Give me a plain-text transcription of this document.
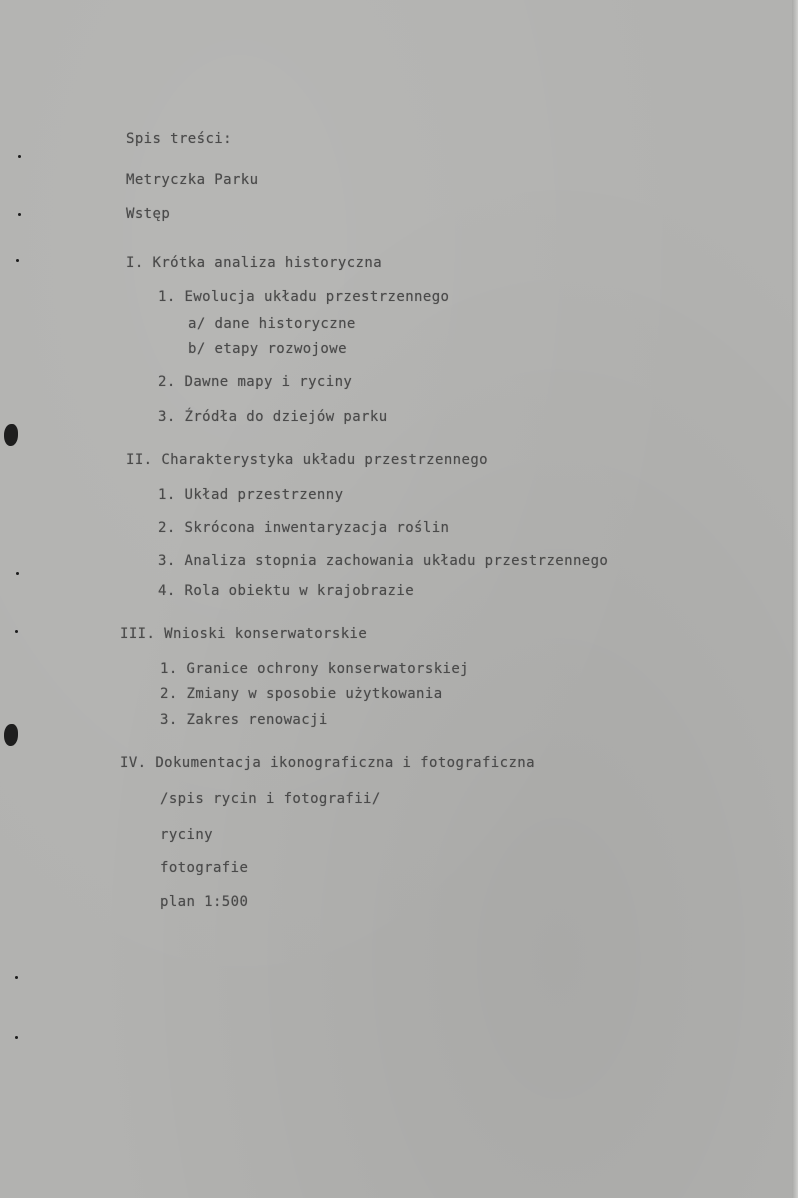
Spis treści:
Metryczka Parku
Wstęp
I. Krótka analiza historyczna
1. Ewolucja układu przestrzennego
a/ dane historyczne
b/ etapy rozwojowe
2. Dawne mapy i ryciny
3. Źródła do dziejów parku
II. Charakterystyka układu przestrzennego
1. Układ przestrzenny
2. Skrócona inwentaryzacja roślin
3. Analiza stopnia zachowania układu przestrzennego
4. Rola obiektu w krajobrazie
III. Wnioski konserwatorskie
1. Granice ochrony konserwatorskiej
2. Zmiany w sposobie użytkowania
3. Zakres renowacji
IV. Dokumentacja ikonograficzna i fotograficzna
/spis rycin i fotografii/
ryciny
fotografie
plan 1:500
